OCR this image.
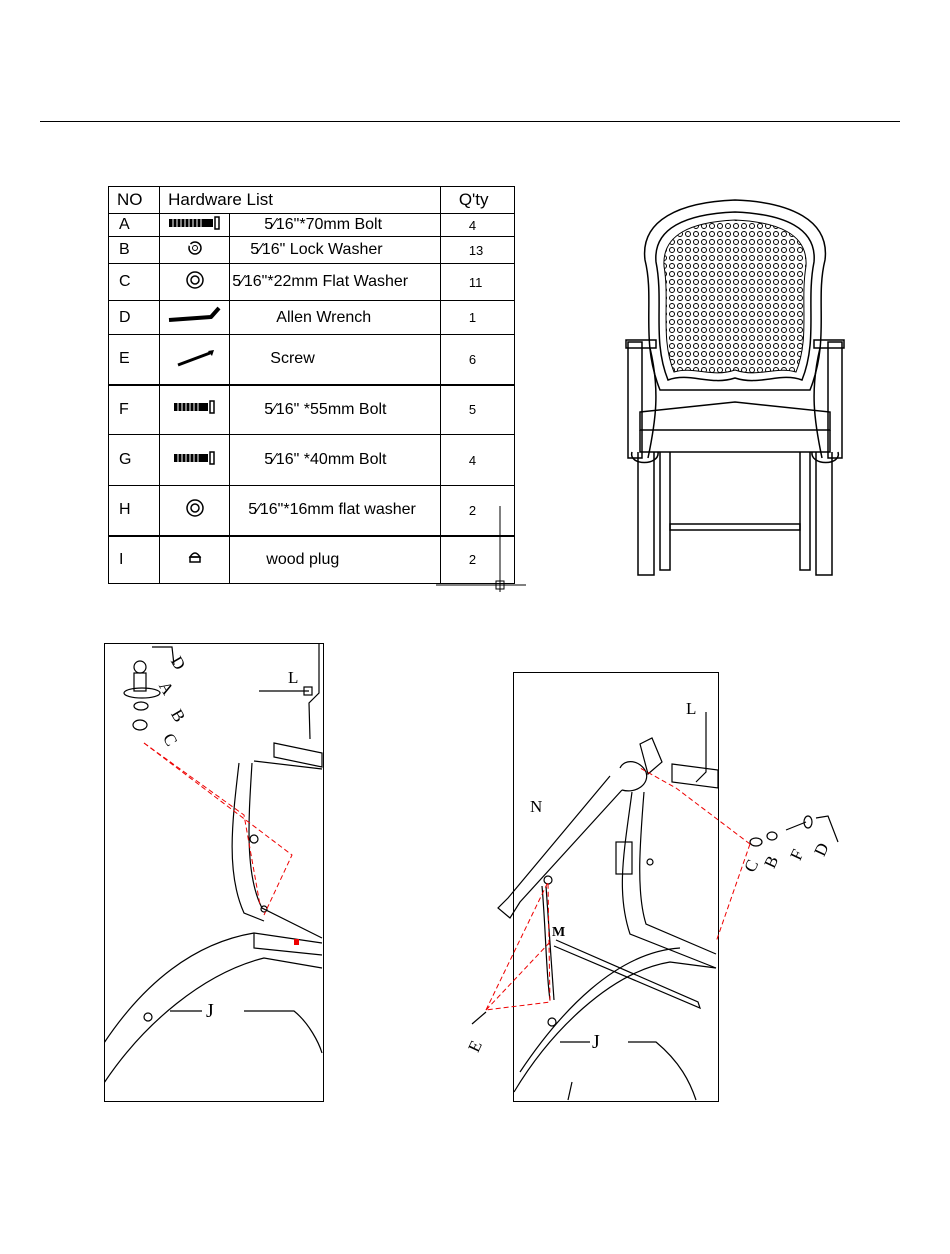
NO	Hardware List		Q'ty
A		5⁄16"*70mm Bolt	4
B		5⁄16" Lock Washer	13
C		5⁄16"*22mm Flat Washer	11
D		Allen Wrench	1
E		Screw	6
F		5⁄16" *55mm Bolt	5
G		5⁄16" *40mm Bolt	4
H		5⁄16"*16mm flat washer	2
I		wood plug	2
L
J
D
A
B
C
L
N
M
J
C
B F D
E
